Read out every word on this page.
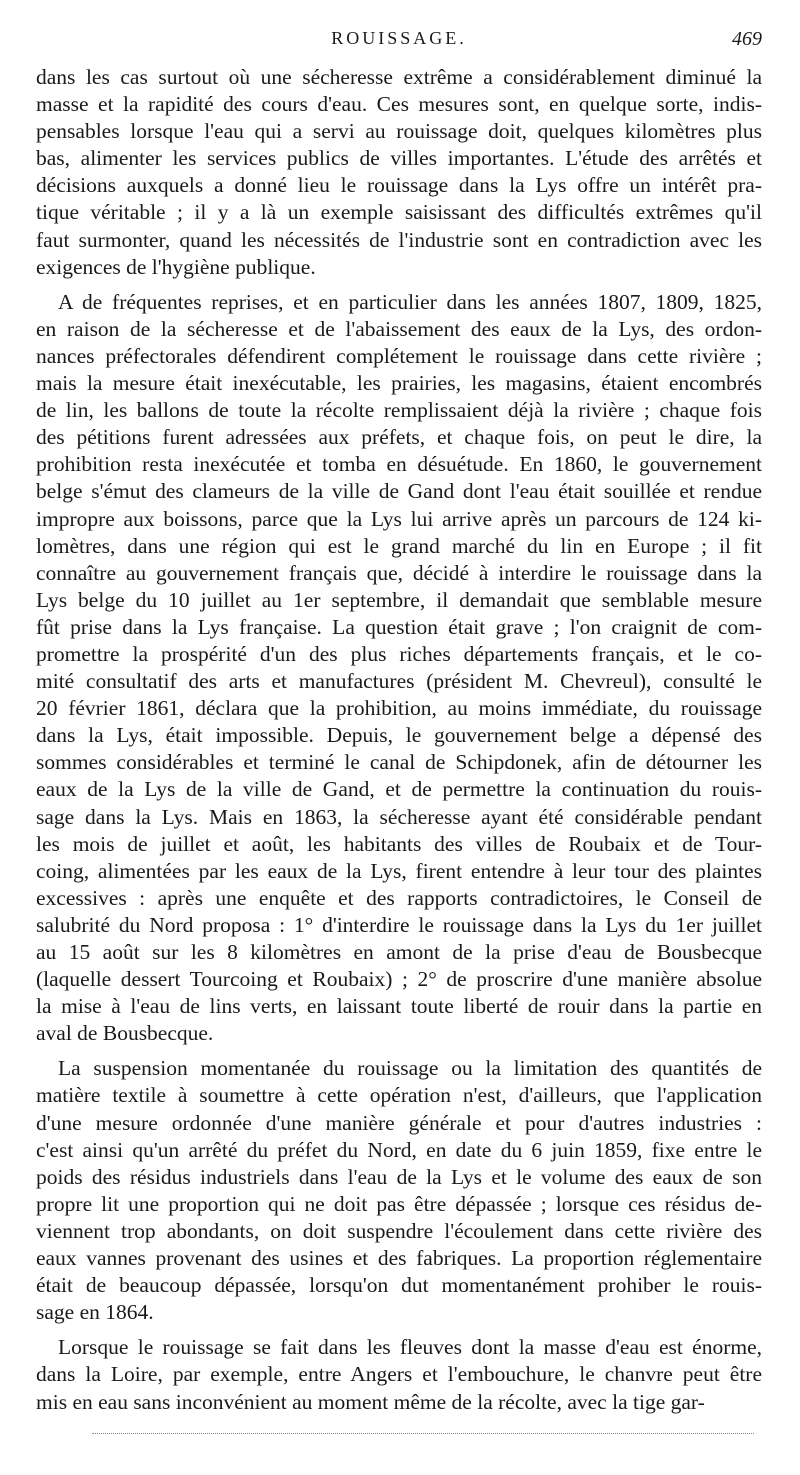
ROUISSAGE.	469
dans les cas surtout où une sécheresse extrême a considérablement diminué la
masse et la rapidité des cours d'eau. Ces mesures sont, en quelque sorte, indis-
pensables lorsque l'eau qui a servi au rouissage doit, quelques kilomètres plus
bas, alimenter les services publics de villes importantes. L'étude des arrêtés et
décisions auxquels a donné lieu le rouissage dans la Lys offre un intérêt pra-
tique véritable ; il y a là un exemple saisissant des difficultés extrêmes qu'il
faut surmonter, quand les nécessités de l'industrie sont en contradiction avec les
exigences de l'hygiène publique.
A de fréquentes reprises, et en particulier dans les années 1807, 1809, 1825,
en raison de la sécheresse et de l'abaissement des eaux de la Lys, des ordon-
nances préfectorales défendirent complétement le rouissage dans cette rivière ;
mais la mesure était inexécutable, les prairies, les magasins, étaient encombrés
de lin, les ballons de toute la récolte remplissaient déjà la rivière ; chaque fois
des pétitions furent adressées aux préfets, et chaque fois, on peut le dire, la
prohibition resta inexécutée et tomba en désuétude. En 1860, le gouvernement
belge s'émut des clameurs de la ville de Gand dont l'eau était souillée et rendue
impropre aux boissons, parce que la Lys lui arrive après un parcours de 124 ki-
lomètres, dans une région qui est le grand marché du lin en Europe ; il fit
connaître au gouvernement français que, décidé à interdire le rouissage dans la
Lys belge du 10 juillet au 1er septembre, il demandait que semblable mesure
fût prise dans la Lys française. La question était grave ; l'on craignit de com-
promettre la prospérité d'un des plus riches départements français, et le co-
mité consultatif des arts et manufactures (président M. Chevreul), consulté le
20 février 1861, déclara que la prohibition, au moins immédiate, du rouissage
dans la Lys, était impossible. Depuis, le gouvernement belge a dépensé des
sommes considérables et terminé le canal de Schipdonek, afin de détourner les
eaux de la Lys de la ville de Gand, et de permettre la continuation du rouis-
sage dans la Lys. Mais en 1863, la sécheresse ayant été considérable pendant
les mois de juillet et août, les habitants des villes de Roubaix et de Tour-
coing, alimentées par les eaux de la Lys, firent entendre à leur tour des plaintes
excessives : après une enquête et des rapports contradictoires, le Conseil de
salubrité du Nord proposa : 1° d'interdire le rouissage dans la Lys du 1er juillet
au 15 août sur les 8 kilomètres en amont de la prise d'eau de Bousbecque
(laquelle dessert Tourcoing et Roubaix) ; 2° de proscrire d'une manière absolue
la mise à l'eau de lins verts, en laissant toute liberté de rouir dans la partie en
aval de Bousbecque.
La suspension momentanée du rouissage ou la limitation des quantités de
matière textile à soumettre à cette opération n'est, d'ailleurs, que l'application
d'une mesure ordonnée d'une manière générale et pour d'autres industries :
c'est ainsi qu'un arrêté du préfet du Nord, en date du 6 juin 1859, fixe entre le
poids des résidus industriels dans l'eau de la Lys et le volume des eaux de son
propre lit une proportion qui ne doit pas être dépassée ; lorsque ces résidus de-
viennent trop abondants, on doit suspendre l'écoulement dans cette rivière des
eaux vannes provenant des usines et des fabriques. La proportion réglementaire
était de beaucoup dépassée, lorsqu'on dut momentanément prohiber le rouis-
sage en 1864.
Lorsque le rouissage se fait dans les fleuves dont la masse d'eau est énorme,
dans la Loire, par exemple, entre Angers et l'embouchure, le chanvre peut être
mis en eau sans inconvénient au moment même de la récolte, avec la tige gar-
